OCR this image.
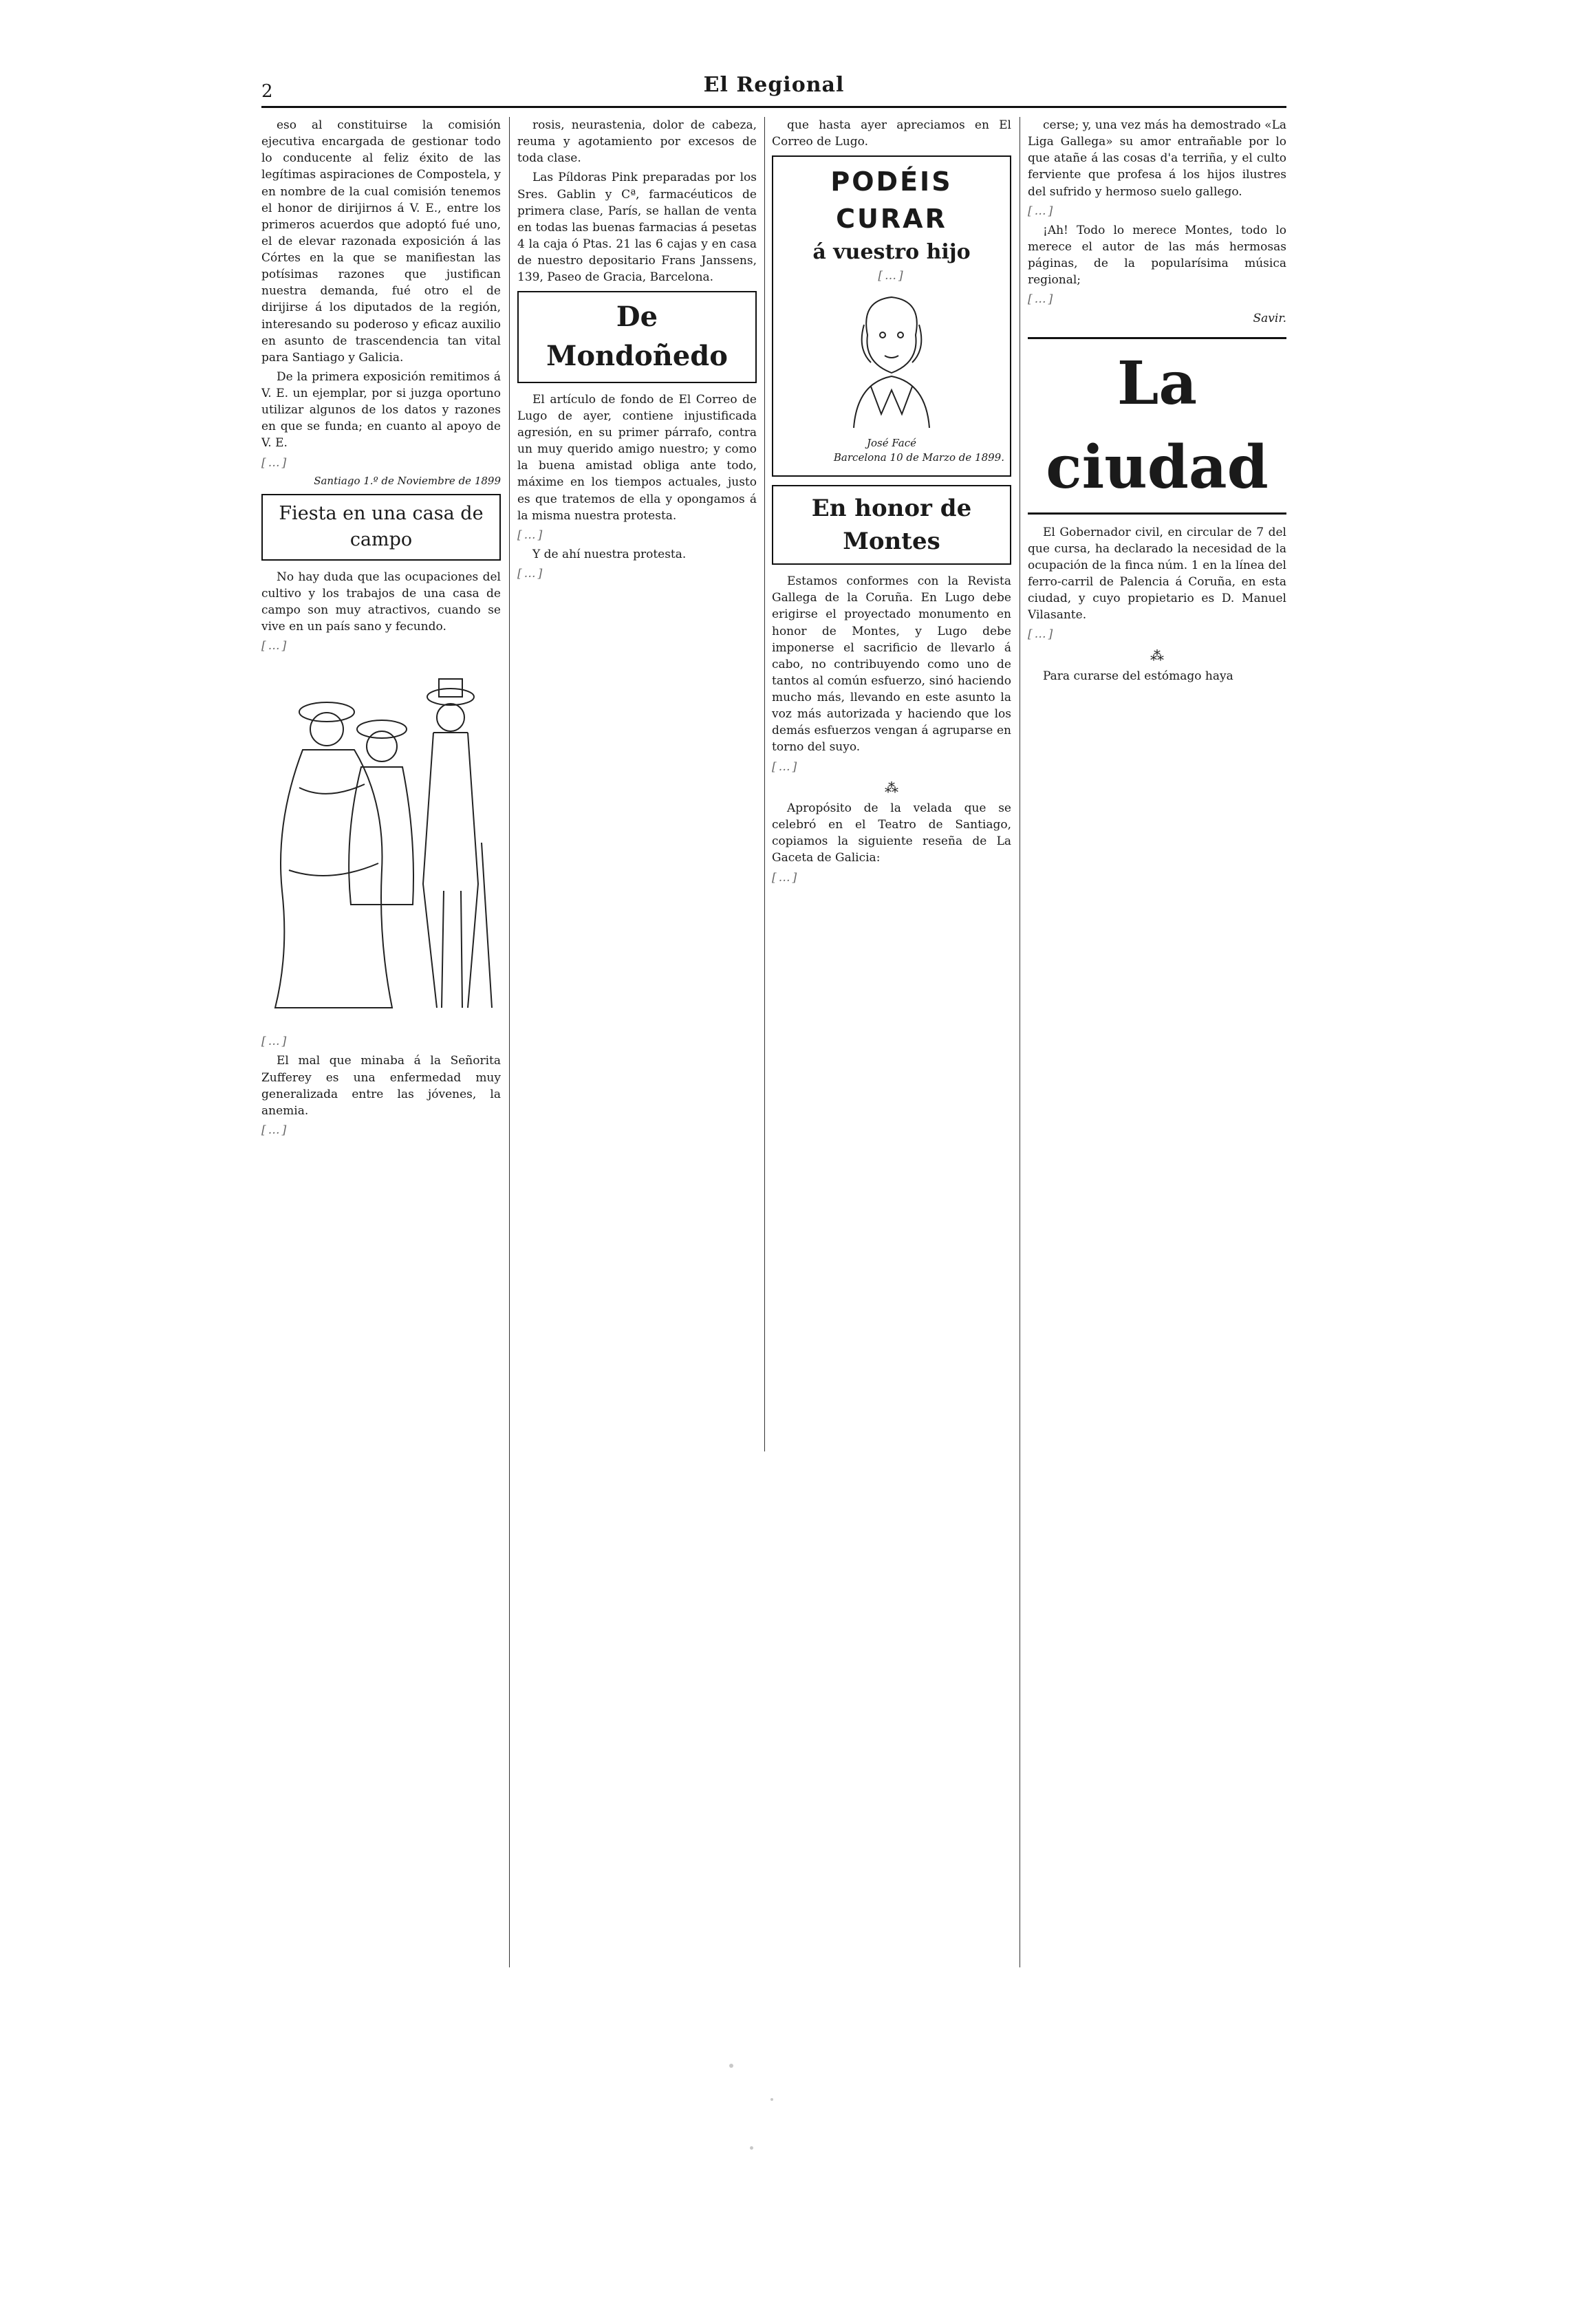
2	El Regional

eso al constituirse la comisión ejecutiva encargada de gestionar todo lo conducente al feliz éxito de las legítimas aspiraciones de Compostela, y en nombre de la cual comisión tenemos el honor de dirijirnos á V. E., entre los primeros acuerdos que adoptó fué uno, el de elevar razonada exposición á las Córtes en la que se manifiestan las potísimas razones que justifican nuestra demanda, fué otro el de dirijirse á los diputados de la región, interesando su poderoso y eficaz auxilio en asunto de trascendencia tan vital para Santiago y Galicia.

De la primera exposición remitimos á V. E. un ejemplar, por si juzga oportuno utilizar algunos de los datos y razones en que se funda; en cuanto al apoyo de V. E.

[…]

Santiago 1.º de Noviembre de 1899

Fiesta en una casa de campo

No hay duda que las ocupaciones del cultivo y los trabajos de una casa de campo son muy atractivos, cuando se vive en un país sano y fecundo.

[…]

[…]

El mal que minaba á la Señorita Zufferey es una enfermedad muy generalizada entre las jóvenes, la anemia.

[…]

rosis, neurastenia, dolor de cabeza, reuma y agotamiento por excesos de toda clase.

Las Píldoras Pink preparadas por los Sres. Gablin y Cª, farmacéuticos de primera clase, París, se hallan de venta en todas las buenas farmacias á pesetas 4 la caja ó Ptas. 21 las 6 cajas y en casa de nuestro depositario Frans Janssens, 139, Paseo de Gracia, Barcelona.

De Mondoñedo

El artículo de fondo de El Correo de Lugo de ayer, contiene injustificada agresión, en su primer párrafo, contra un muy querido amigo nuestro; y como la buena amistad obliga ante todo, máxime en los tiempos actuales, justo es que tratemos de ella y opongamos á la misma nuestra protesta.

[…]

Y de ahí nuestra protesta.

[…]

que hasta ayer apreciamos en El Correo de Lugo.

PODÉIS CURAR
á vuestro hijo

[…]

José Facé

Barcelona 10 de Marzo de 1899.

En honor de Montes

Estamos conformes con la Revista Gallega de la Coruña. En Lugo debe erigirse el proyectado monumento en honor de Montes, y Lugo debe imponerse el sacrificio de llevarlo á cabo, no contribuyendo como uno de tantos al común esfuerzo, sinó haciendo mucho más, llevando en este asunto la voz más autorizada y haciendo que los demás esfuerzos vengan á agruparse en torno del suyo.

[…]

⁂

Apropósito de la velada que se celebró en el Teatro de Santiago, copiamos la siguiente reseña de La Gaceta de Galicia:

[…]

cerse; y, una vez más ha demostrado «La Liga Gallega» su amor entrañable por lo que atañe á las cosas d'a terriña, y el culto ferviente que profesa á los hijos ilustres del sufrido y hermoso suelo gallego.

[…]

¡Ah! Todo lo merece Montes, todo lo merece el autor de las más hermosas páginas, de la popularísima música regional;

[…]

Savir.

La ciudad

El Gobernador civil, en circular de 7 del que cursa, ha declarado la necesidad de la ocupación de la finca núm. 1 en la línea del ferro-carril de Palencia á Coruña, en esta ciudad, y cuyo propietario es D. Manuel Vilasante.

[…]

⁂

Para curarse del estómago haya
